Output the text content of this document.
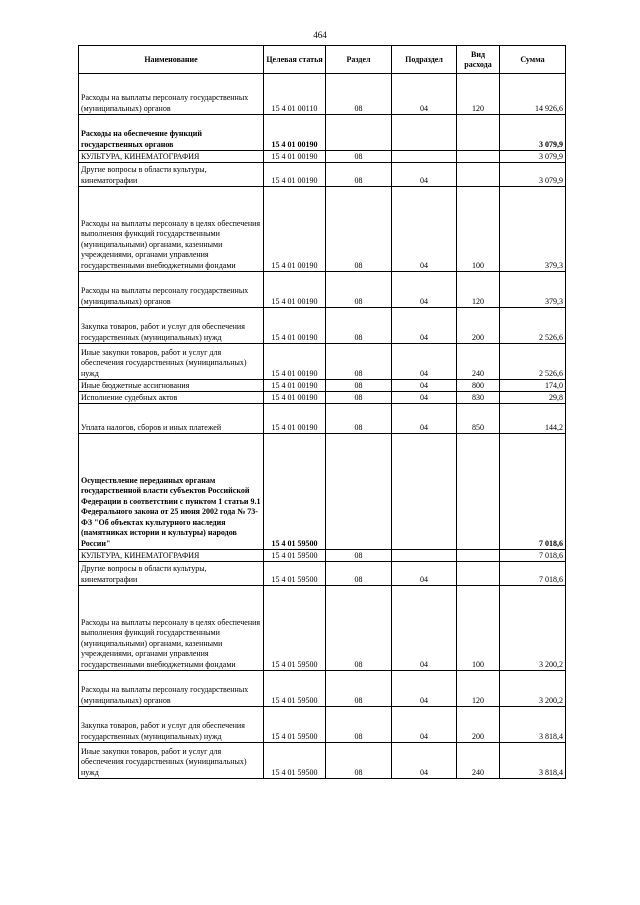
464
Наименование	Целевая статья	Раздел	Подраздел	Вид расхода	Сумма
Расходы на выплаты персоналу государственных (муниципальных) органов	15 4 01 00110	08	04	120	14 926,6
Расходы на обеспечение функций государственных органов	15 4 01 00190				3 079,9
КУЛЬТУРА, КИНЕМАТОГРАФИЯ	15 4 01 00190	08			3 079,9
Другие вопросы в области культуры, кинематографии	15 4 01 00190	08	04		3 079,9
Расходы на выплаты персоналу в целях обеспечения выполнения функций государственными (муниципальными) органами, казенными учреждениями, органами управления государственными внебюджетными фондами	15 4 01 00190	08	04	100	379,3
Расходы на выплаты персоналу государственных (муниципальных) органов	15 4 01 00190	08	04	120	379,3
Закупка товаров, работ и услуг для обеспечения государственных (муниципальных) нужд	15 4 01 00190	08	04	200	2 526,6
Иные закупки товаров, работ и услуг для обеспечения государственных (муниципальных) нужд	15 4 01 00190	08	04	240	2 526,6
Иные бюджетные ассигнования	15 4 01 00190	08	04	800	174,0
Исполнение судебных актов	15 4 01 00190	08	04	830	29,8
Уплата налогов, сборов и иных платежей	15 4 01 00190	08	04	850	144,2
Осуществление переданных органам государственной власти субъектов Российской Федерации в соответствии с пунктом 1 статьи 9.1 Федерального закона от 25 июня 2002 года № 73-ФЗ "Об объектах культурного наследия (памятниках истории и культуры) народов России"	15 4 01 59500				7 018,6
КУЛЬТУРА, КИНЕМАТОГРАФИЯ	15 4 01 59500	08			7 018,6
Другие вопросы в области культуры, кинематографии	15 4 01 59500	08	04		7 018,6
Расходы на выплаты персоналу в целях обеспечения выполнения функций государственными (муниципальными) органами, казенными учреждениями, органами управления государственными внебюджетными фондами	15 4 01 59500	08	04	100	3 200,2
Расходы на выплаты персоналу государственных (муниципальных) органов	15 4 01 59500	08	04	120	3 200,2
Закупка товаров, работ и услуг для обеспечения государственных (муниципальных) нужд	15 4 01 59500	08	04	200	3 818,4
Иные закупки товаров, работ и услуг для обеспечения государственных (муниципальных) нужд	15 4 01 59500	08	04	240	3 818,4
